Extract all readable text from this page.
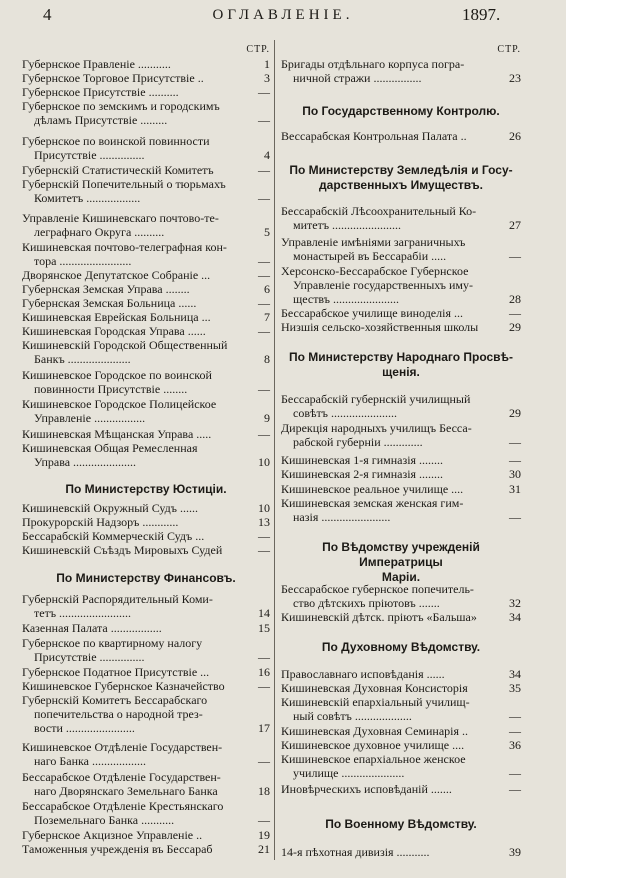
4	ОГЛАВЛЕНIЕ.	1897.
СТР.
Губернское Правленiе ...........	1
Губернское Торговое Присутствiе ..	3
Губернское Присутствiе ..........	—
Губернское по земскимъ и городскимъ
дѣламъ Присутствiе .........	—
Губернское по воинской повинности
Присутствiе ...............	4
Губернскiй Статистическiй Комитетъ	—
Губернскiй Попечительный о тюрьмахъ
Комитетъ ..................	—
Управленiе Кишиневскаго почтово-те-
леграфнаго Округа ..........	5
Кишиневская почтово-телеграфная кон-
тора ........................	—
Дворянское Депутатское Собранiе ...	—
Губернская Земская Управа ........	6
Губернская Земская Больница ......	—
Кишиневская Еврейская Больница ...	7
Кишиневская Городская Управа ......	—
Кишиневскiй Городской Общественный
Банкъ .....................	8
Кишиневское Городское по воинской
повинности Присутствiе ........	—
Кишиневское Городское Полицейское
Управленiе .................	9
Кишиневская Мѣщанская Управа .....	—
Кишиневская Общая Ремесленная
Управа .....................	10
По Министерству Юстицiи.
Кишиневскiй Окружный Судъ ......	10
Прокурорскiй Надзоръ ............	13
Бессарабскiй Коммерческiй Судъ ...	—
Кишиневскiй Съѣздъ Мировыхъ Судей	—
По Министерству Финансовъ.
Губернскiй Распорядительный Коми-
тетъ ........................	14
Казенная Палата .................	15
Губернское по квартирному налогу
Присутствiе ...............	—
Губернское Податное Присутствiе ...	16
Кишиневское Губернское Казначейство	—
Губернскiй Комитетъ Бессарабскаго
попечительства о народной трез-
вости .......................	17
Кишиневское Отдѣленiе Государствен-
наго Банка ..................	—
Бессарабское Отдѣленiе Государствен-
наго Дворянскаго Земельнаго Банка	18
Бессарабское Отдѣленiе Крестьянскаго
Поземельнаго Банка ...........	—
Губернское Акцизное Управленiе ..	19
Таможенныя учрежденiя въ Бессараб	21
СТР.
Бригады отдѣльнаго корпуса погра-
ничной стражи ................	23
По Государственному Контролю.
Вессарабская Контрольная Палата ..	26
По Министерству Земледѣлiя и Госу-
дарственныхъ Имуществъ.
Бессарабскiй Лѣсоохранительный Ко-
митетъ .......................	27
Управленiе имѣнiями заграничныхъ
монастырей въ Бессарабiи .....	—
Херсонско-Бессарабское Губернское
Управленiе государственныхъ иму-
ществъ ......................	28
Бессарабское училище виноделiя ...	—
Низшiя сельско-хозяйственныя школы	29
По Министерству Народнаго Просвѣ-
щенiя.
Бессарабскiй губернскiй училищный
совѣтъ ......................	29
Дирекцiя народныхъ училищъ Бесса-
рабской губернiи .............	—
Кишиневская 1-я гимназiя ........	—
Кишиневская 2-я гимназiя ........	30
Кишиневское реальное училище ....	31
Кишиневская земская женская гим-
назiя .......................	—
По Вѣдомству учрежденiй Императрицы
Марiи.
Бессарабское губернское попечитель-
ство дѣтскихъ прiютовъ .......	32
Кишиневскiй дѣтск. прiютъ «Бальша»	34
По Духовному Вѣдомству.
Православнаго исповѣданiя ......	34
Кишиневская Духовная Консисторiя	35
Кишиневскiй епархiальный училищ-
ный совѣтъ ...................	—
Кишиневская Духовная Семинарiя ..	—
Кишиневское духовное училище ....	36
Кишиневское епархiальное женское
училище .....................	—
Иновѣрческихъ исповѣданiй .......	—
По Военному Вѣдомству.
14-я пѣхотная дивизiя ...........	39
